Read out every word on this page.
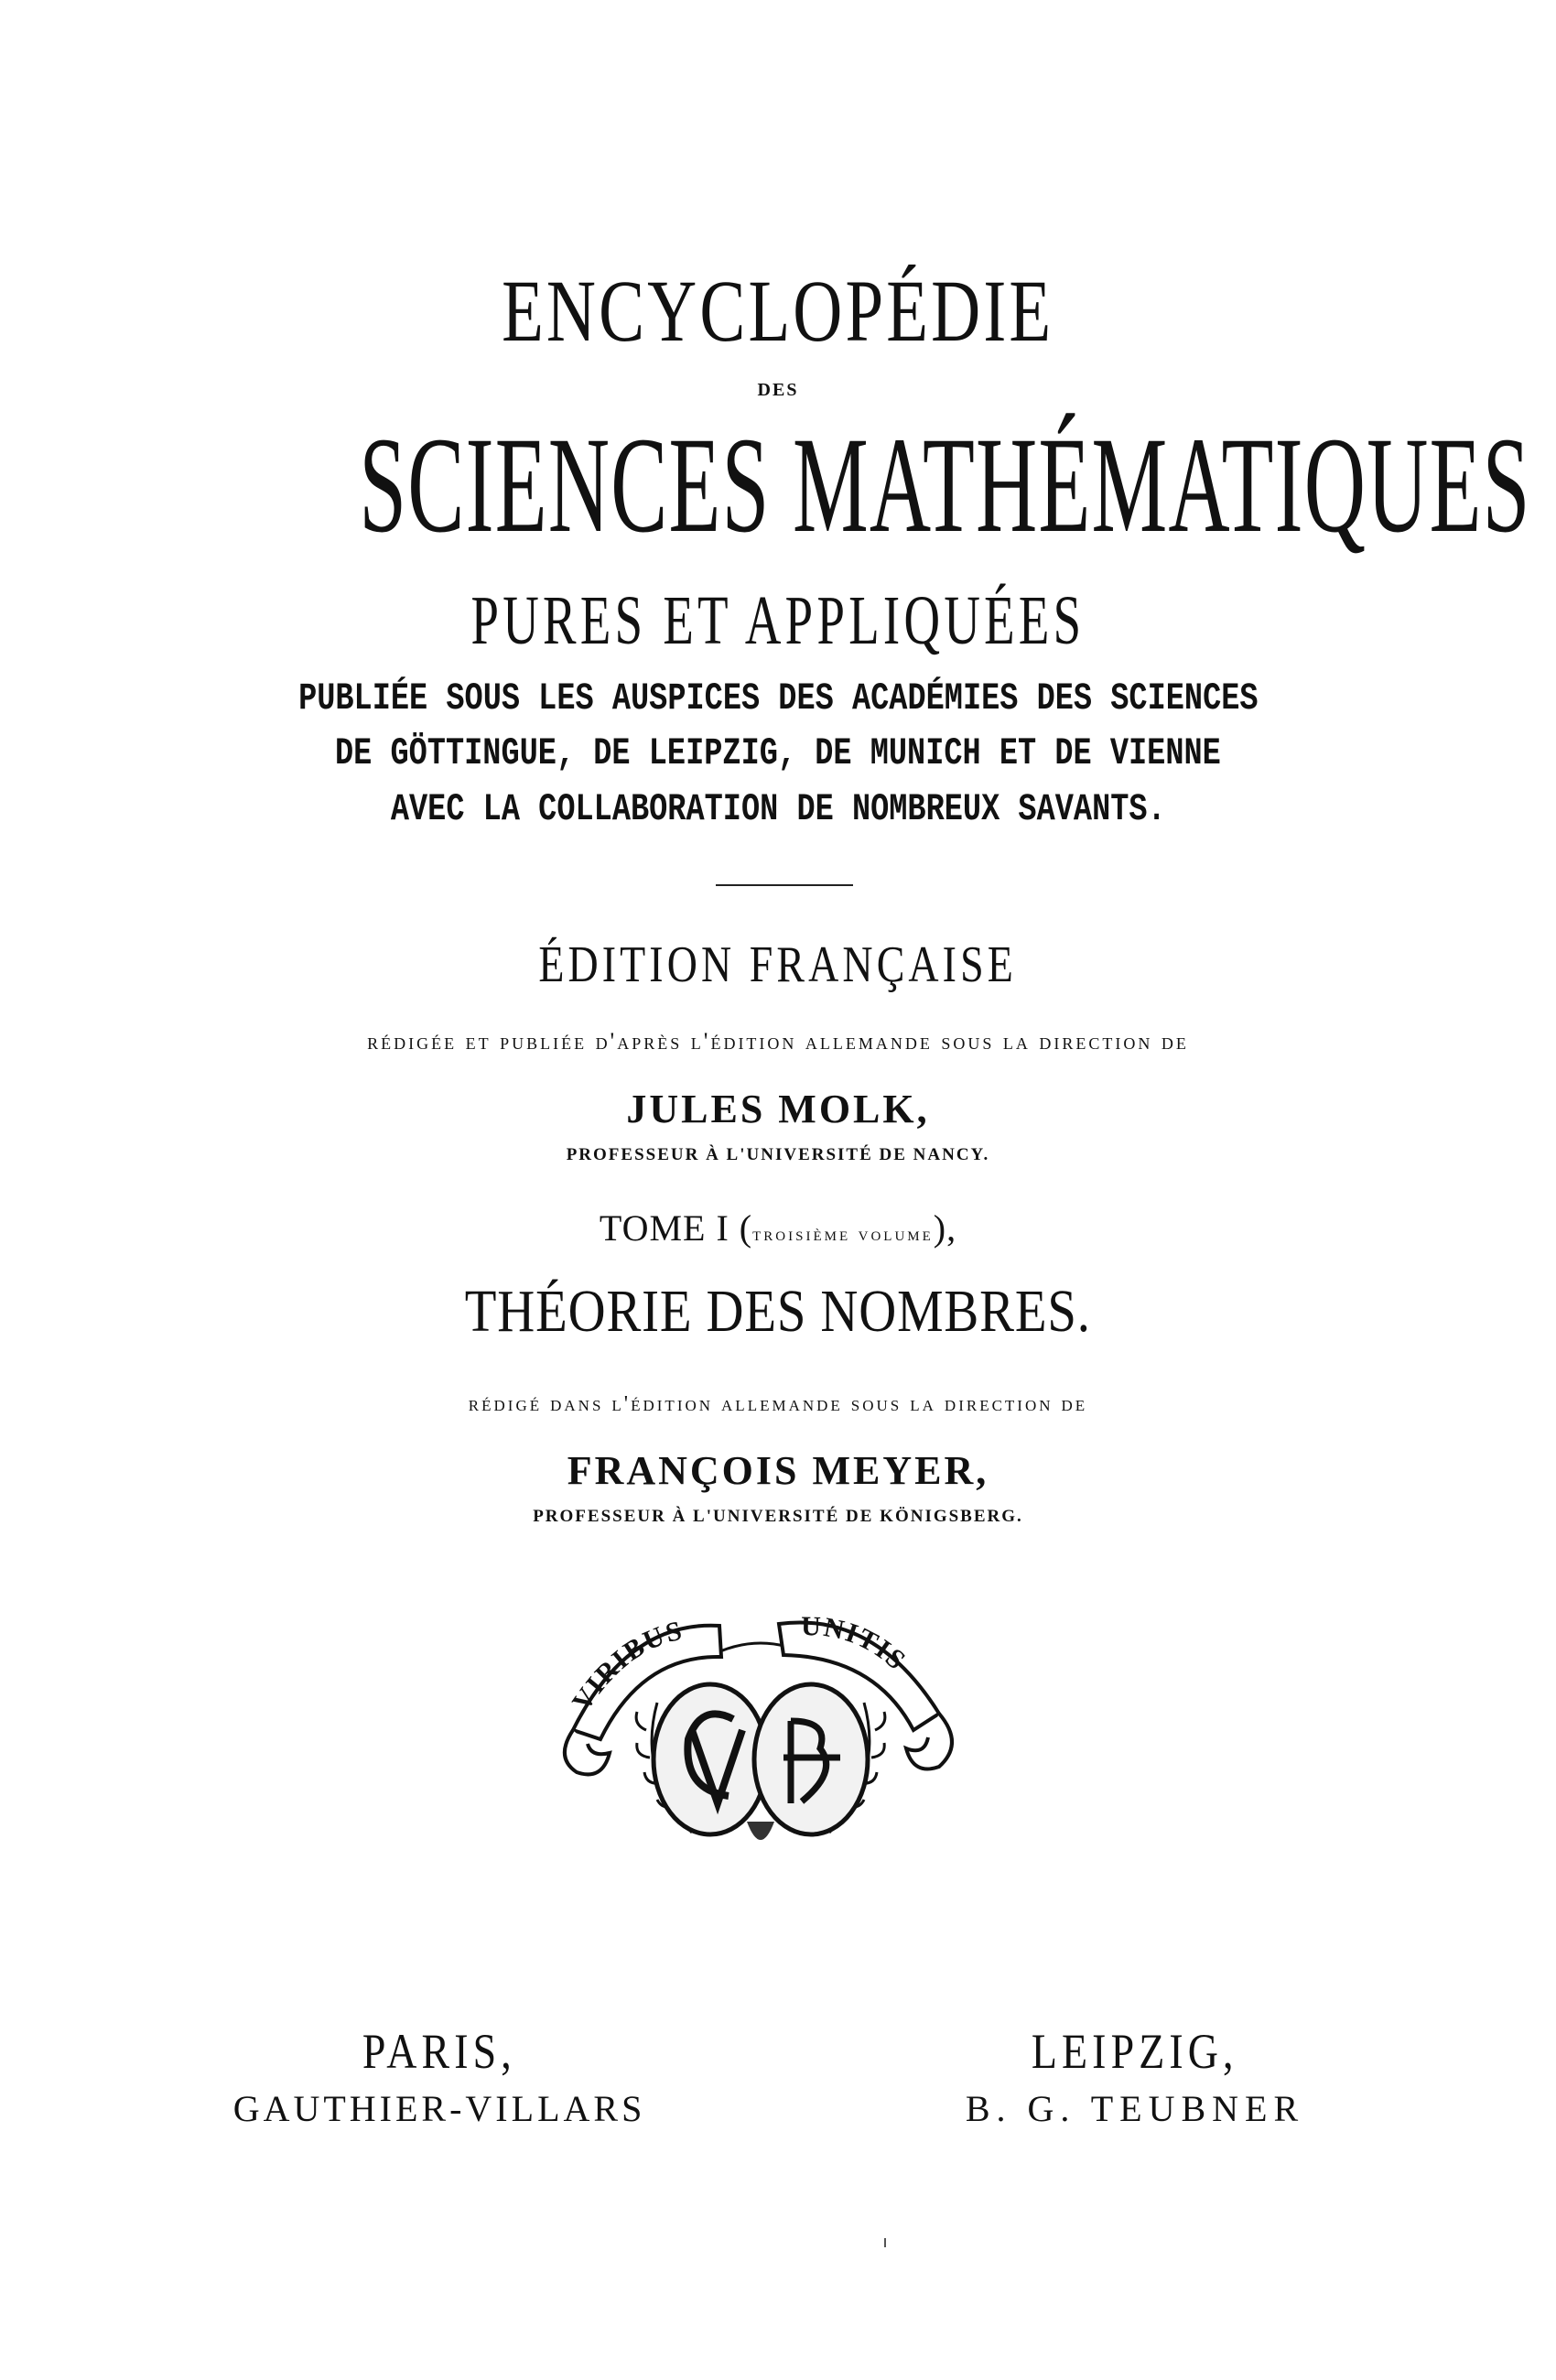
ENCYCLOPÉDIE
DES
SCIENCES MATHÉMATIQUES
PURES ET APPLIQUÉES
PUBLIÉE SOUS LES AUSPICES DES ACADÉMIES DES SCIENCES
DE GÖTTINGUE, DE LEIPZIG, DE MUNICH ET DE VIENNE
AVEC LA COLLABORATION DE NOMBREUX SAVANTS.
ÉDITION FRANÇAISE
rédigée et publiée d'après l'édition allemande sous la direction de
JULES MOLK,
PROFESSEUR À L'UNIVERSITÉ DE NANCY.
TOME I (troisième volume),
THÉORIE DES NOMBRES.
rédigé dans l'édition allemande sous la direction de
FRANÇOIS MEYER,
PROFESSEUR À L'UNIVERSITÉ DE KÖNIGSBERG.
VIRIBUS	UNITIS
PARIS,
GAUTHIER-VILLARS
LEIPZIG,
B. G. TEUBNER
